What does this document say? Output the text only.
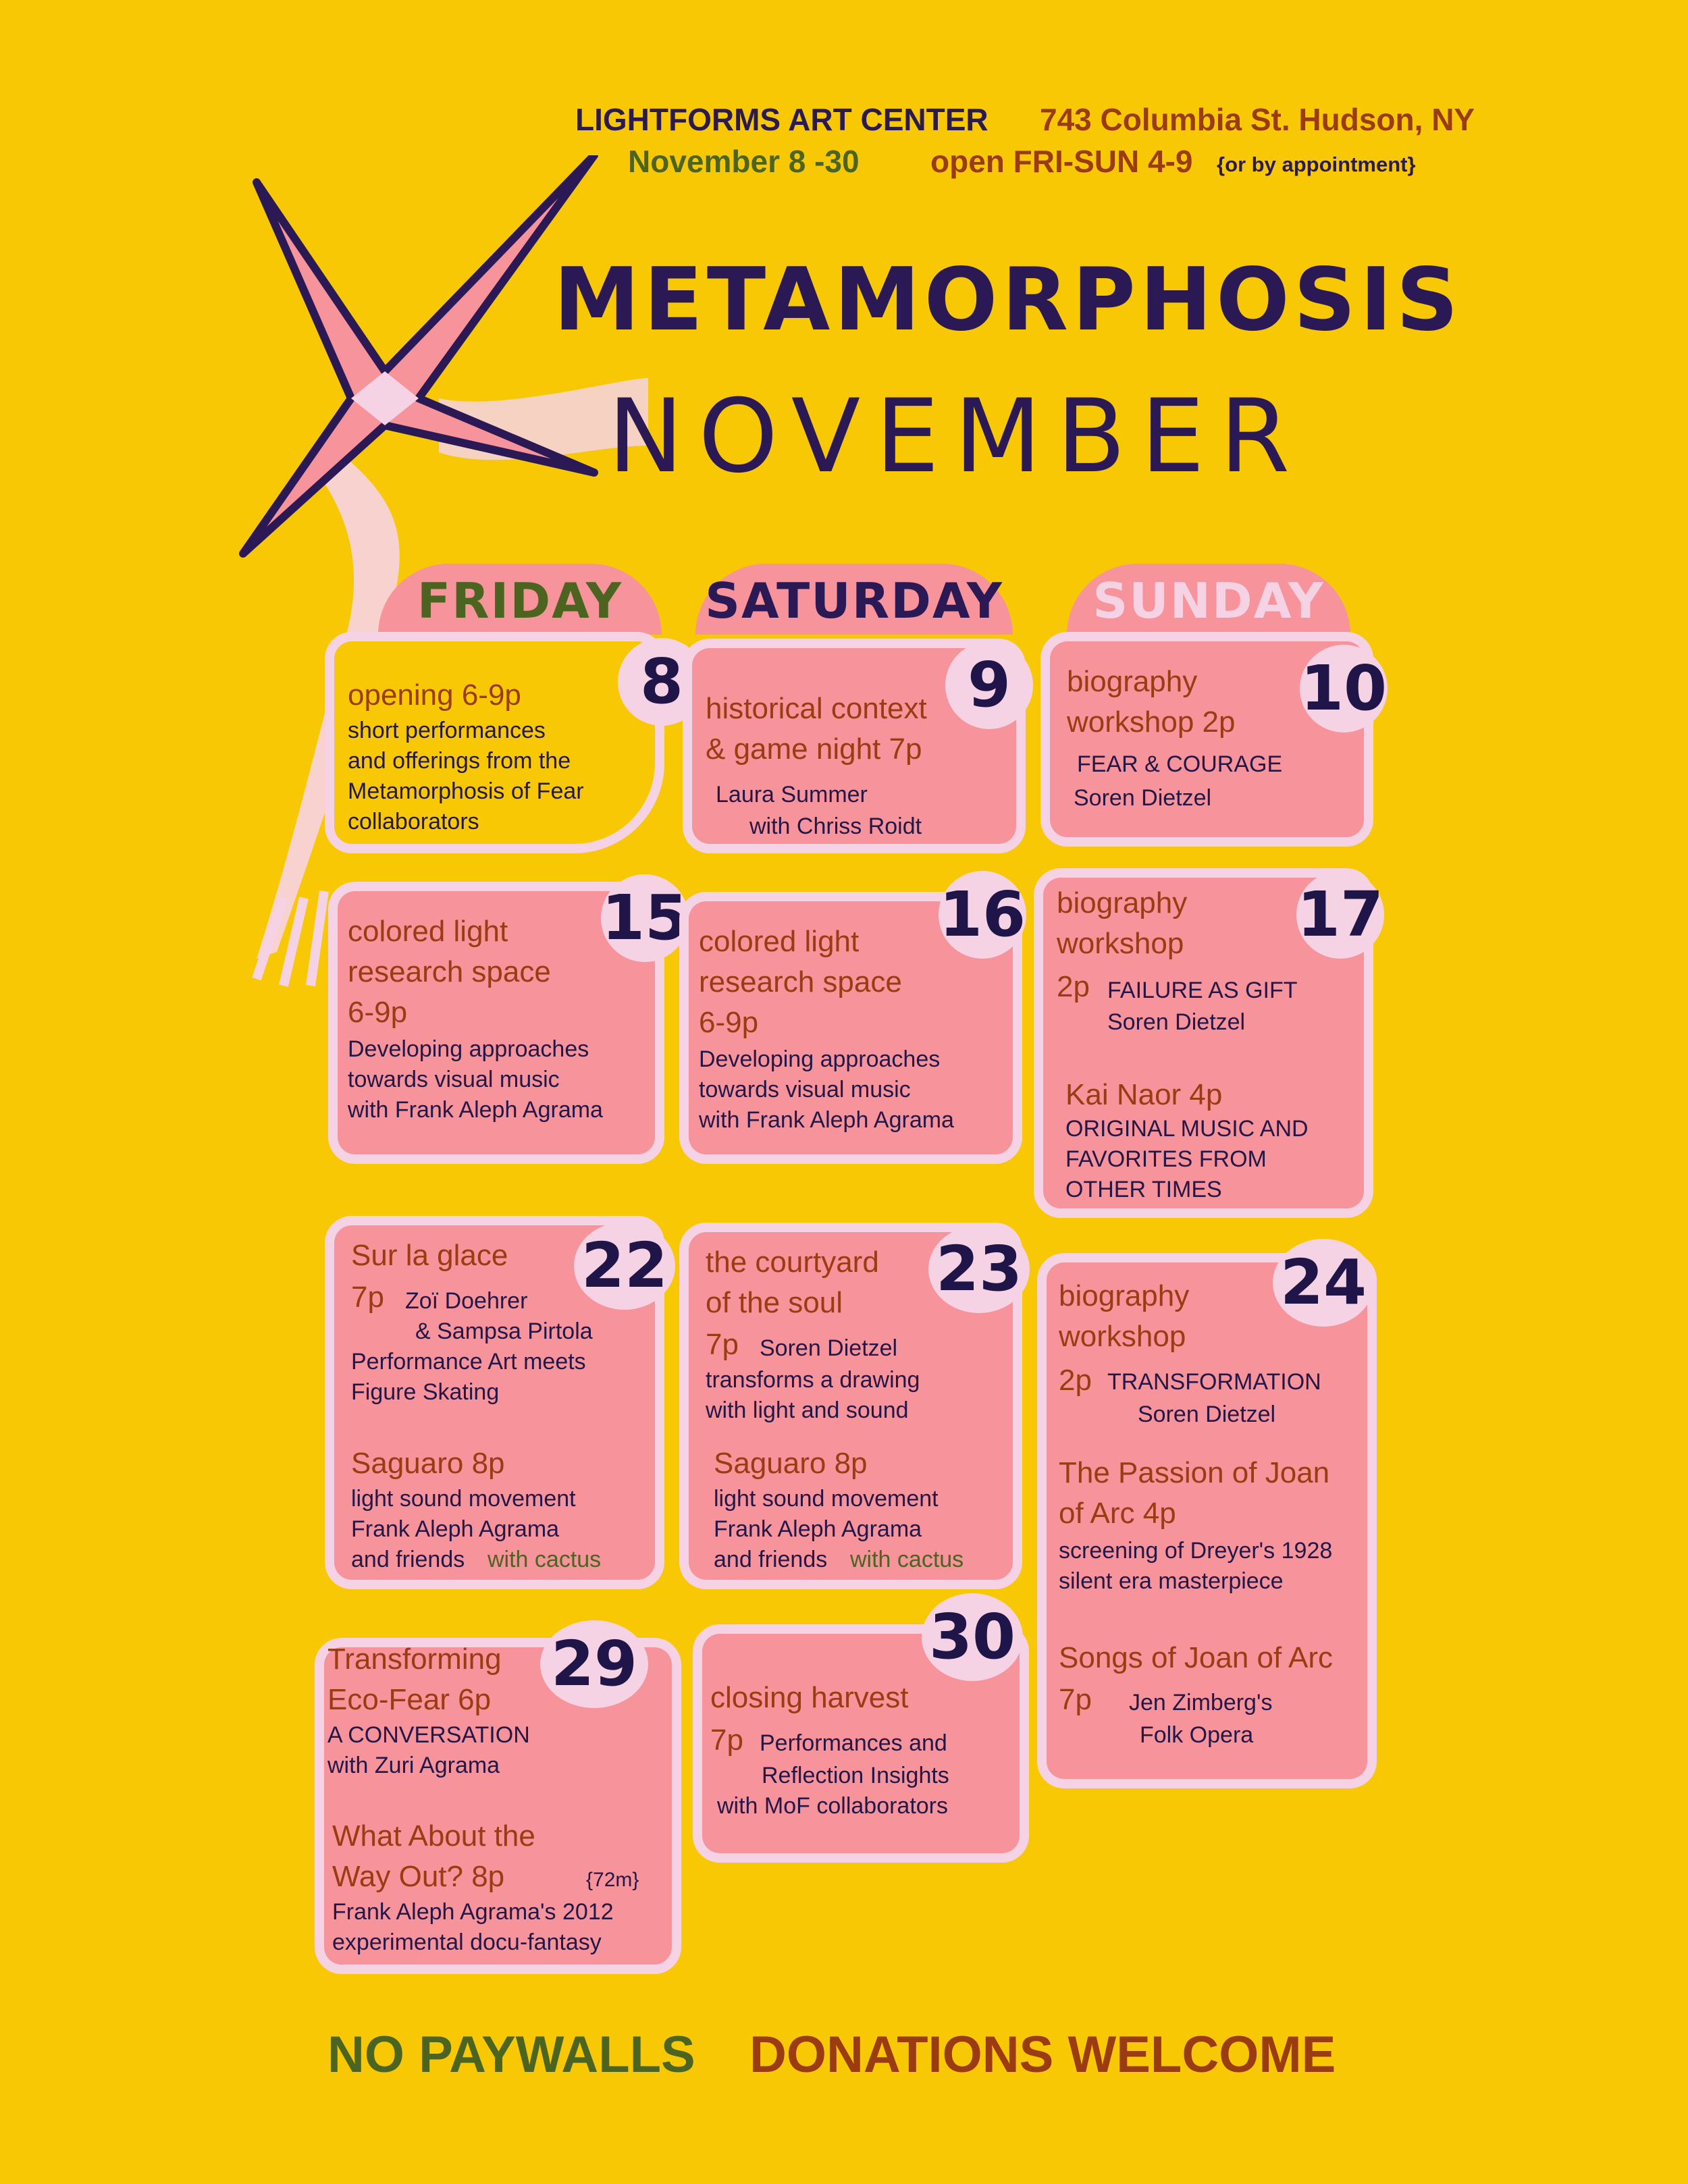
LIGHTFORMS ART CENTER 743 Columbia St. Hudson, NY
November 8 -30 open FRI-SUN 4-9 {or by appointment}
METAMORPHOSIS
NOVEMBER
FRIDAY	SATURDAY	SUNDAY
8
opening 6-9p
short performances
and offerings from the
Metamorphosis of Fear
collaborators
9
historical context
& game night 7p
Laura Summer
with Chriss Roidt
10
biography
workshop 2p
FEAR & COURAGE
Soren Dietzel
15
colored light
research space
6-9p
Developing approaches
towards visual music
with Frank Aleph Agrama
16
colored light
research space
6-9p
Developing approaches
towards visual music
with Frank Aleph Agrama
17
biography
workshop
2p FAILURE AS GIFT
Soren Dietzel
Kai Naor 4p
ORIGINAL MUSIC AND
FAVORITES FROM
OTHER TIMES
22
Sur la glace
7p Zoï Doehrer
& Sampsa Pirtola
Performance Art meets
Figure Skating
Saguaro 8p
light sound movement
Frank Aleph Agrama
and friends with cactus
23
the courtyard
of the soul
7p Soren Dietzel
transforms a drawing
with light and sound
Saguaro 8p
light sound movement
Frank Aleph Agrama
and friends with cactus
24
biography
workshop
2p TRANSFORMATION
Soren Dietzel
The Passion of Joan
of Arc 4p
screening of Dreyer's 1928
silent era masterpiece
Songs of Joan of Arc
7p Jen Zimberg's
Folk Opera
29
Transforming
Eco-Fear 6p
A CONVERSATION
with Zuri Agrama
What About the
Way Out? 8p	{72m}
Frank Aleph Agrama's 2012
experimental docu-fantasy
30
closing harvest
7p Performances and
Reflection Insights
with MoF collaborators
NO PAYWALLS DONATIONS WELCOME
